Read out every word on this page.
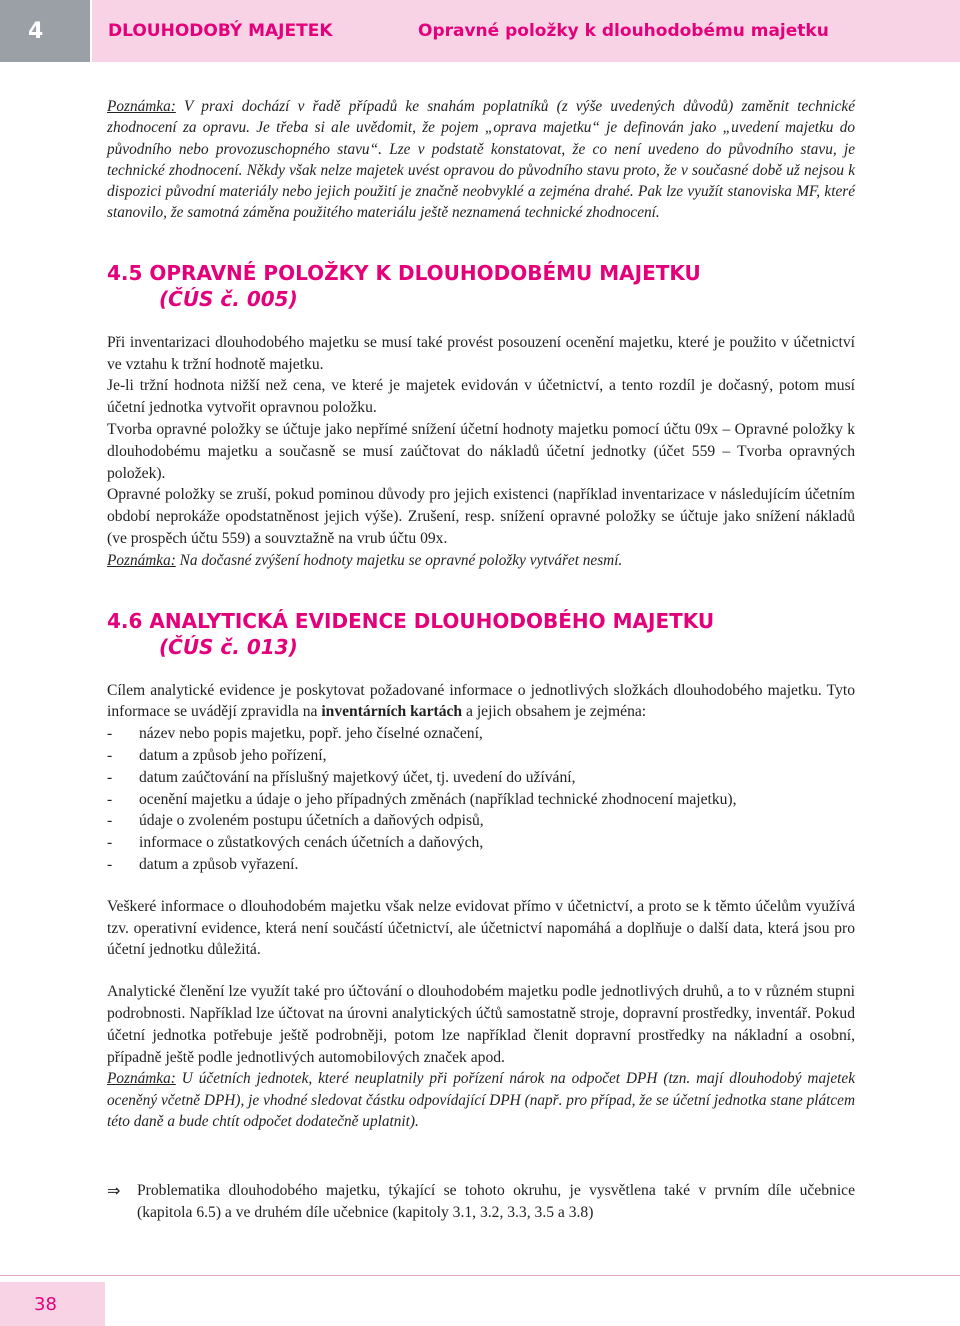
4	DLOUHODOBÝ MAJETEK	Opravné položky k dlouhodobému majetku

Poznámka: V praxi dochází v řadě případů ke snahám poplatníků (z výše uvedených důvodů) zaměnit technické zhodnocení za opravu. Je třeba si ale uvědomit, že pojem „oprava majetku“ je definován jako „uvedení majetku do původního nebo provozuschopného stavu“. Lze v podstatě konstatovat, že co není uvedeno do původního stavu, je technické zhodnocení. Někdy však nelze majetek uvést opravou do původního stavu proto, že v současné době už nejsou k dispozici původní materiály nebo jejich použití je značně neobvyklé a zejména drahé. Pak lze využít stanoviska MF, které stanovilo, že samotná záměna použitého materiálu ještě neznamená technické zhodnocení.

4.5 OPRAVNÉ POLOŽKY K DLOUHODOBÉMU MAJETKU
(ČÚS č. 005)

Při inventarizaci dlouhodobého majetku se musí také provést posouzení ocenění majetku, které je použito v účetnictví ve vztahu k tržní hodnotě majetku.

Je-li tržní hodnota nižší než cena, ve které je majetek evidován v účetnictví, a tento rozdíl je dočasný, potom musí účetní jednotka vytvořit opravnou položku.

Tvorba opravné položky se účtuje jako nepřímé snížení účetní hodnoty majetku pomocí účtu 09x – Opravné položky k dlouhodobému majetku a současně se musí zaúčtovat do nákladů účetní jednotky (účet 559 – Tvorba opravných položek).

Opravné položky se zruší, pokud pominou důvody pro jejich existenci (například inventarizace v následujícím účetním období neprokáže opodstatněnost jejich výše). Zrušení, resp. snížení opravné položky se účtuje jako snížení nákladů (ve prospěch účtu 559) a souvztažně na vrub účtu 09x.

Poznámka: Na dočasné zvýšení hodnoty majetku se opravné položky vytvářet nesmí.

4.6 ANALYTICKÁ EVIDENCE DLOUHODOBÉHO MAJETKU
(ČÚS č. 013)

Cílem analytické evidence je poskytovat požadované informace o jednotlivých složkách dlouhodobého majetku. Tyto informace se uvádějí zpravidla na inventárních kartách a jejich obsahem je zejména:

- název nebo popis majetku, popř. jeho číselné označení,
- datum a způsob jeho pořízení,
- datum zaúčtování na příslušný majetkový účet, tj. uvedení do užívání,
- ocenění majetku a údaje o jeho případných změnách (například technické zhodnocení majetku),
- údaje o zvoleném postupu účetních a daňových odpisů,
- informace o zůstatkových cenách účetních a daňových,
- datum a způsob vyřazení.

Veškeré informace o dlouhodobém majetku však nelze evidovat přímo v účetnictví, a proto se k těmto účelům využívá tzv. operativní evidence, která není součástí účetnictví, ale účetnictví napomáhá a doplňuje o další data, která jsou pro účetní jednotku důležitá.

Analytické členění lze využít také pro účtování o dlouhodobém majetku podle jednotlivých druhů, a to v různém stupni podrobnosti. Například lze účtovat na úrovni analytických účtů samostatně stroje, dopravní prostředky, inventář. Pokud účetní jednotka potřebuje ještě podrobněji, potom lze například členit dopravní prostředky na nákladní a osobní, případně ještě podle jednotlivých automobilových značek apod.

Poznámka: U účetních jednotek, které neuplatnily při pořízení nárok na odpočet DPH (tzn. mají dlouhodobý majetek oceněný včetně DPH), je vhodné sledovat částku odpovídající DPH (např. pro případ, že se účetní jednotka stane plátcem této daně a bude chtít odpočet dodatečně uplatnit).

⇒	Problematika dlouhodobého majetku, týkající se tohoto okruhu, je vysvětlena také v prvním díle učebnice (kapitola 6.5) a ve druhém díle učebnice (kapitoly 3.1, 3.2, 3.3, 3.5 a 3.8)
38
